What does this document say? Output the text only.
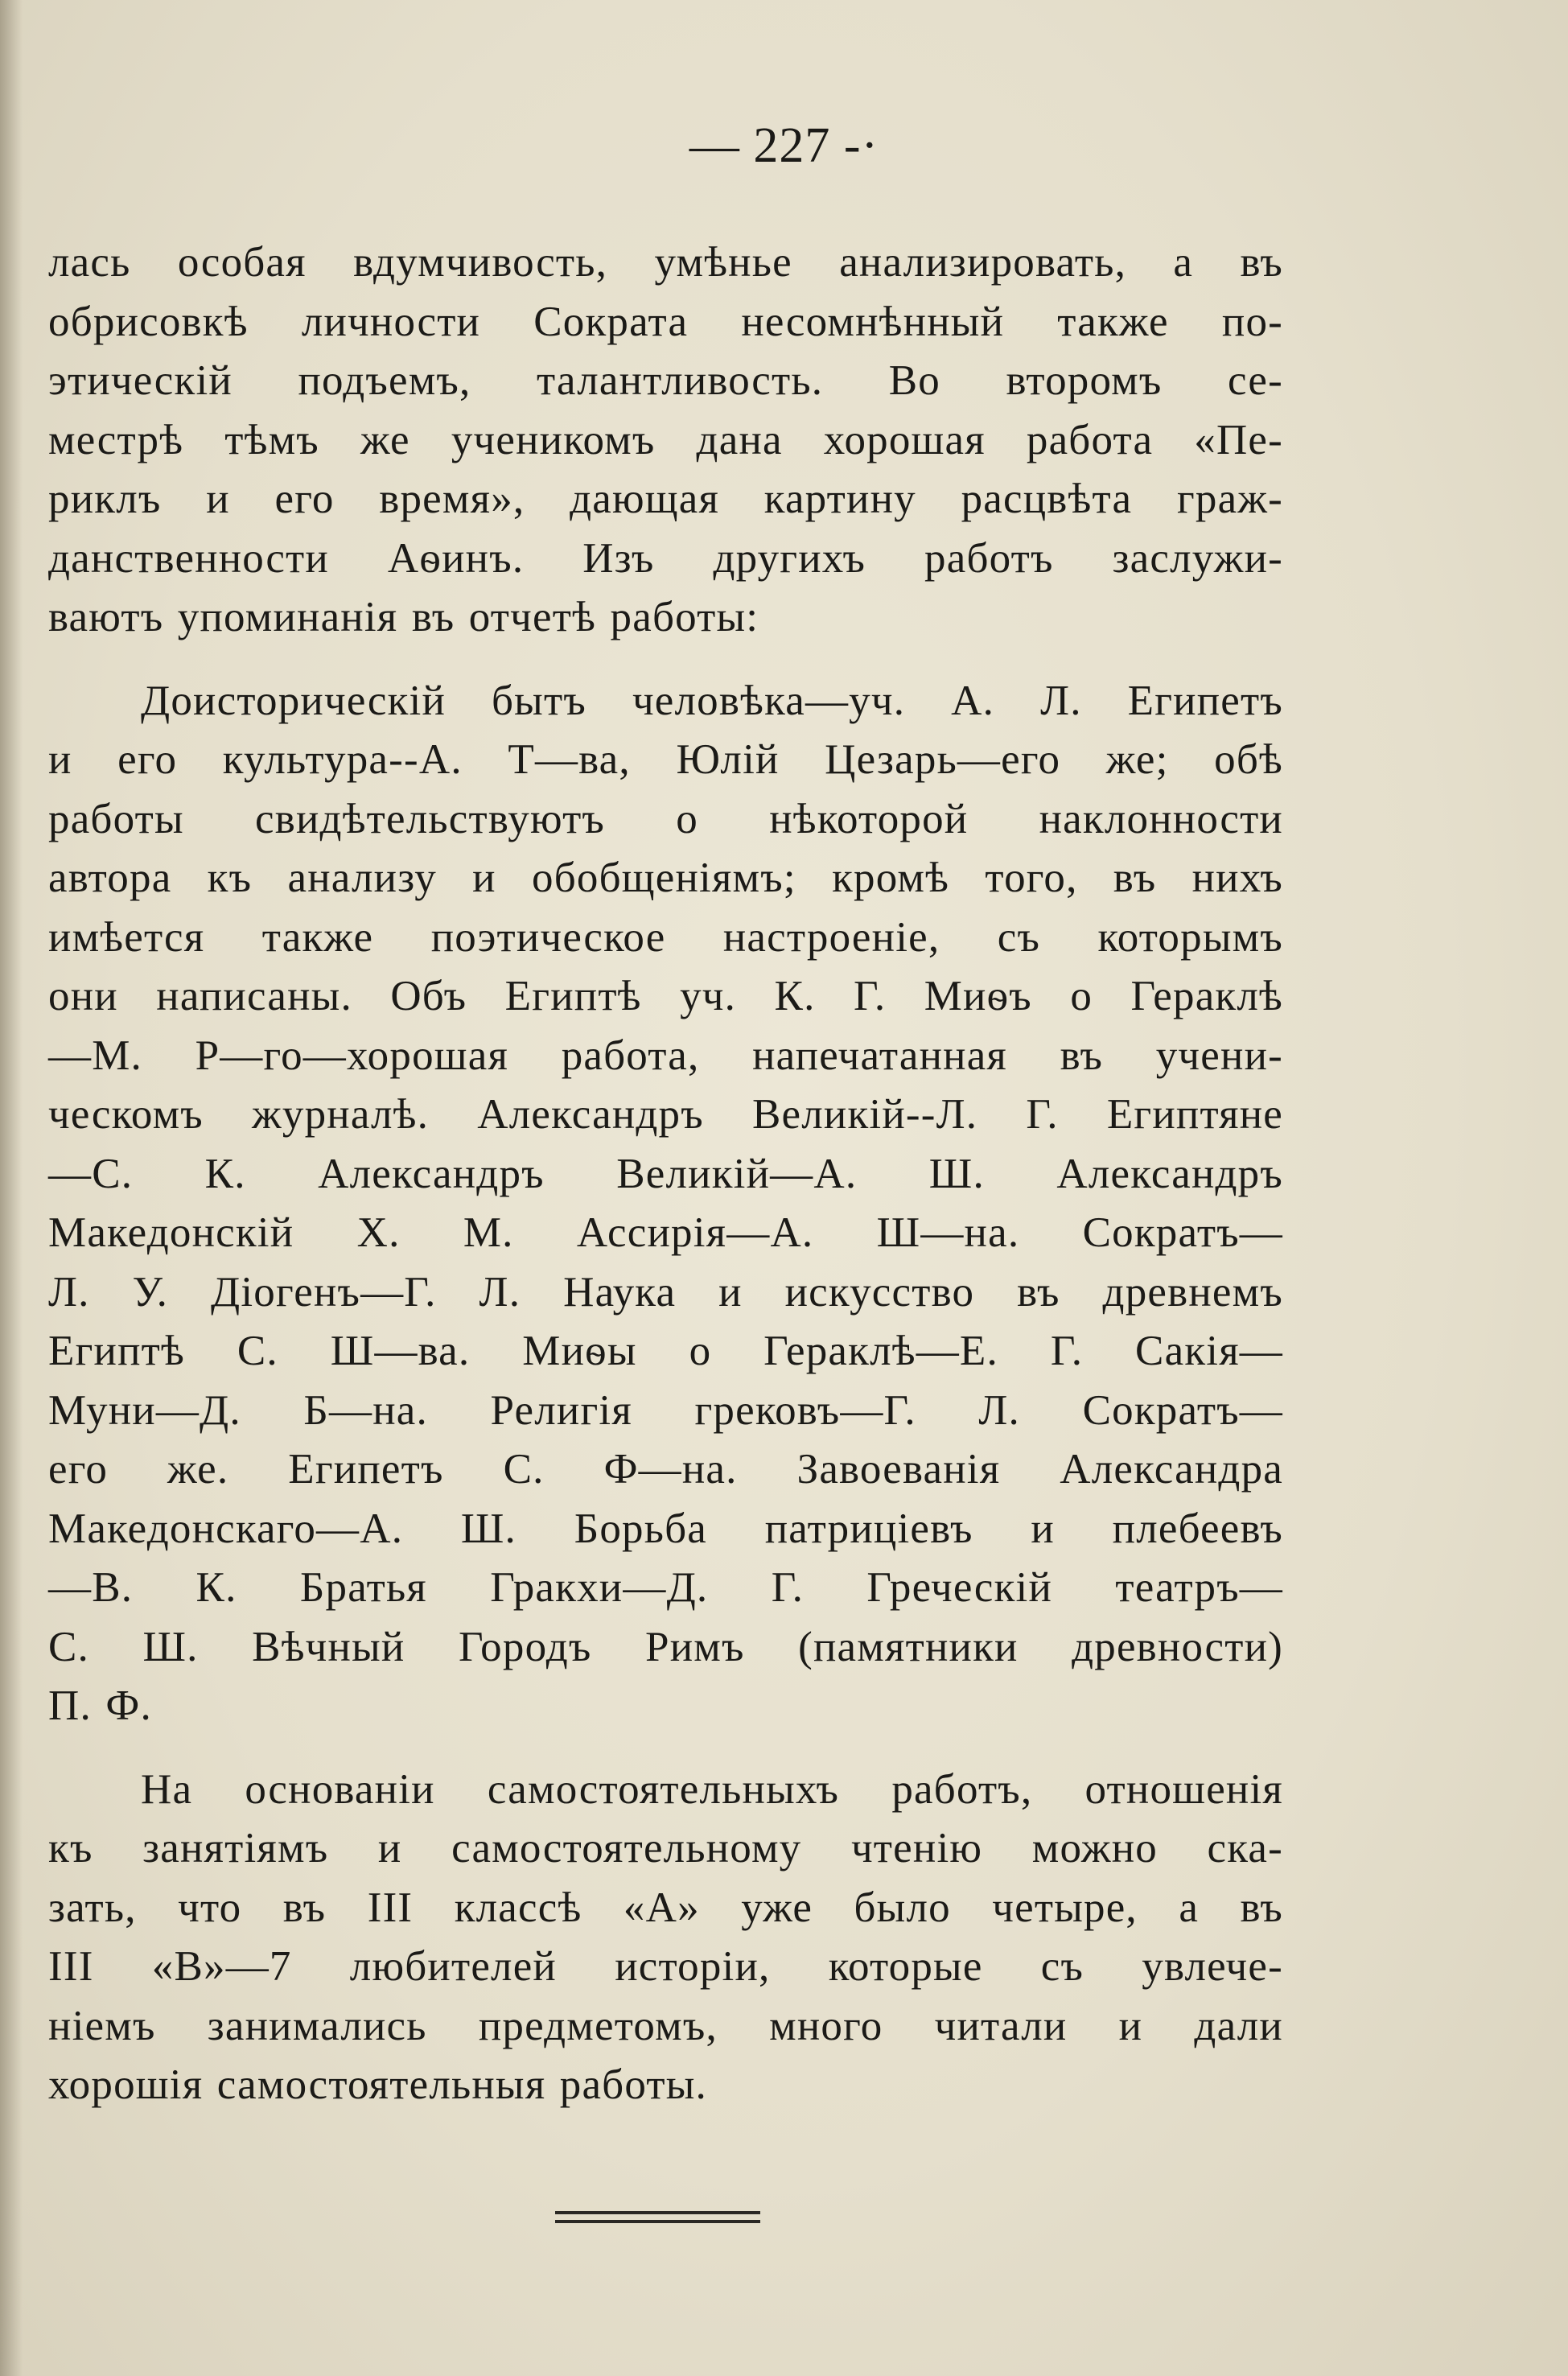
— 227 -·
лась особая вдумчивость, умѣнье анализировать, а въ
обрисовкѣ личности Сократа несомнѣнный также по-
этическій подъемъ, талантливость. Во второмъ се-
местрѣ тѣмъ же ученикомъ дана хорошая работа «Пе-
риклъ и его время», дающая картину расцвѣта граж-
данственности Аѳинъ. Изъ другихъ работъ заслужи-
ваютъ упоминанія въ отчетѣ работы:
Доисторическій бытъ человѣка—уч. А. Л. Египетъ
и его культура--А. Т—ва, Юлій Цезарь—его же; обѣ
работы свидѣтельствуютъ о нѣкоторой наклонности
автора къ анализу и обобщеніямъ; кромѣ того, въ нихъ
имѣется также поэтическое настроеніе, съ которымъ
они написаны. Объ Египтѣ уч. К. Г. Миѳъ о Гераклѣ
—М. Р—го—хорошая работа, напечатанная въ учени-
ческомъ журналѣ. Александръ Великій--Л. Г. Египтяне
—С. К. Александръ Великій—А. Ш. Александръ
Македонскій Х. М. Ассирія—А. Ш—на. Сократъ—
Л. У. Діогенъ—Г. Л. Наука и искусство въ древнемъ
Египтѣ С. Ш—ва. Миѳы о Гераклѣ—Е. Г. Сакія—
Муни—Д. Б—на. Религія грековъ—Г. Л. Сократъ—
его же. Египетъ С. Ф—на. Завоеванія Александра
Македонскаго—А. Ш. Борьба патриціевъ и плебеевъ
—В. К. Братья Гракхи—Д. Г. Греческій театръ—
С. Ш. Вѣчный Городъ Римъ (памятники древности)
П. Ф.
На основаніи самостоятельныхъ работъ, отношенія
къ занятіямъ и самостоятельному чтенію можно ска-
зать, что въ III классѣ «А» уже было четыре, а въ
III «В»—7 любителей исторіи, которые съ увлече-
ніемъ занимались предметомъ, много читали и дали
хорошія самостоятельныя работы.
